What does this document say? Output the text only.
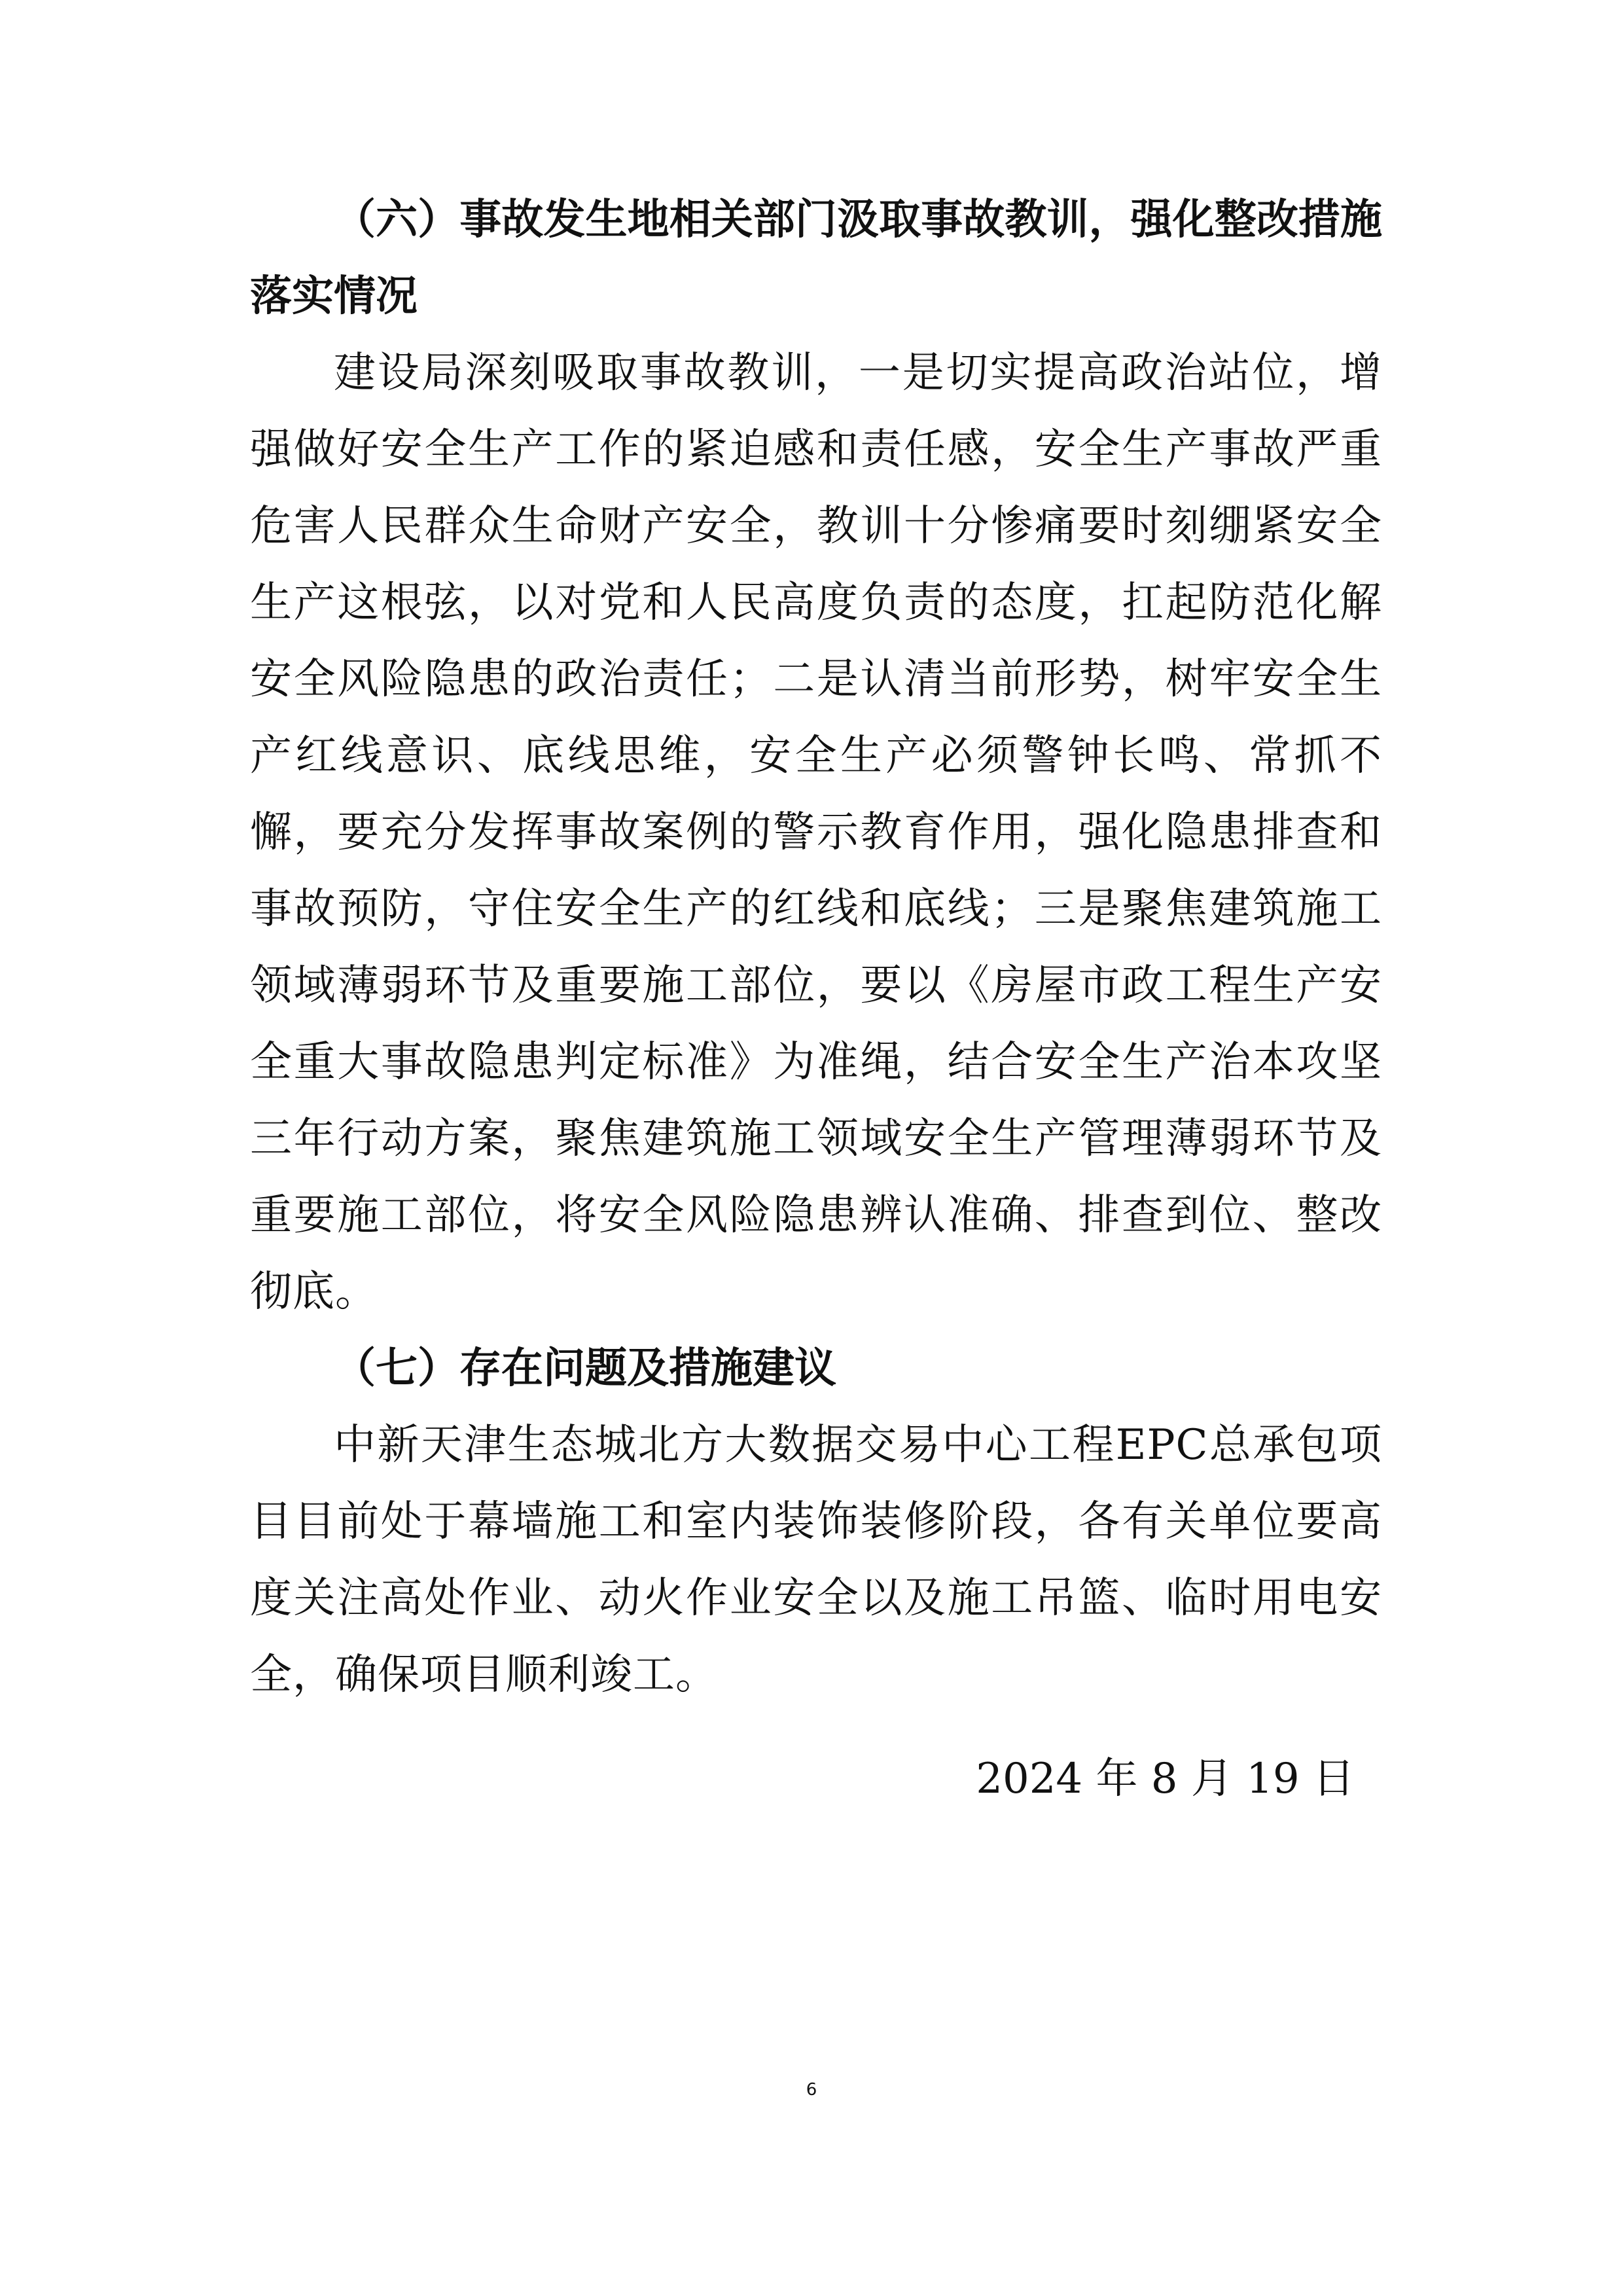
（六）事故发生地相关部门汲取事故教训，强化整改措施落实情况

建设局深刻吸取事故教训，一是切实提高政治站位，增强做好安全生产工作的紧迫感和责任感，安全生产事故严重危害人民群众生命财产安全，教训十分惨痛要时刻绷紧安全生产这根弦，以对党和人民高度负责的态度，扛起防范化解安全风险隐患的政治责任；二是认清当前形势，树牢安全生产红线意识、底线思维，安全生产必须警钟长鸣、常抓不懈，要充分发挥事故案例的警示教育作用，强化隐患排查和事故预防，守住安全生产的红线和底线；三是聚焦建筑施工领域薄弱环节及重要施工部位，要以《房屋市政工程生产安全重大事故隐患判定标准》为准绳，结合安全生产治本攻坚三年行动方案，聚焦建筑施工领域安全生产管理薄弱环节及重要施工部位，将安全风险隐患辨认准确、排查到位、整改彻底。

（七）存在问题及措施建议

中新天津生态城北方大数据交易中心工程EPC总承包项目目前处于幕墙施工和室内装饰装修阶段，各有关单位要高度关注高处作业、动火作业安全以及施工吊篮、临时用电安全，确保项目顺利竣工。

2024 年 8 月 19 日
6
